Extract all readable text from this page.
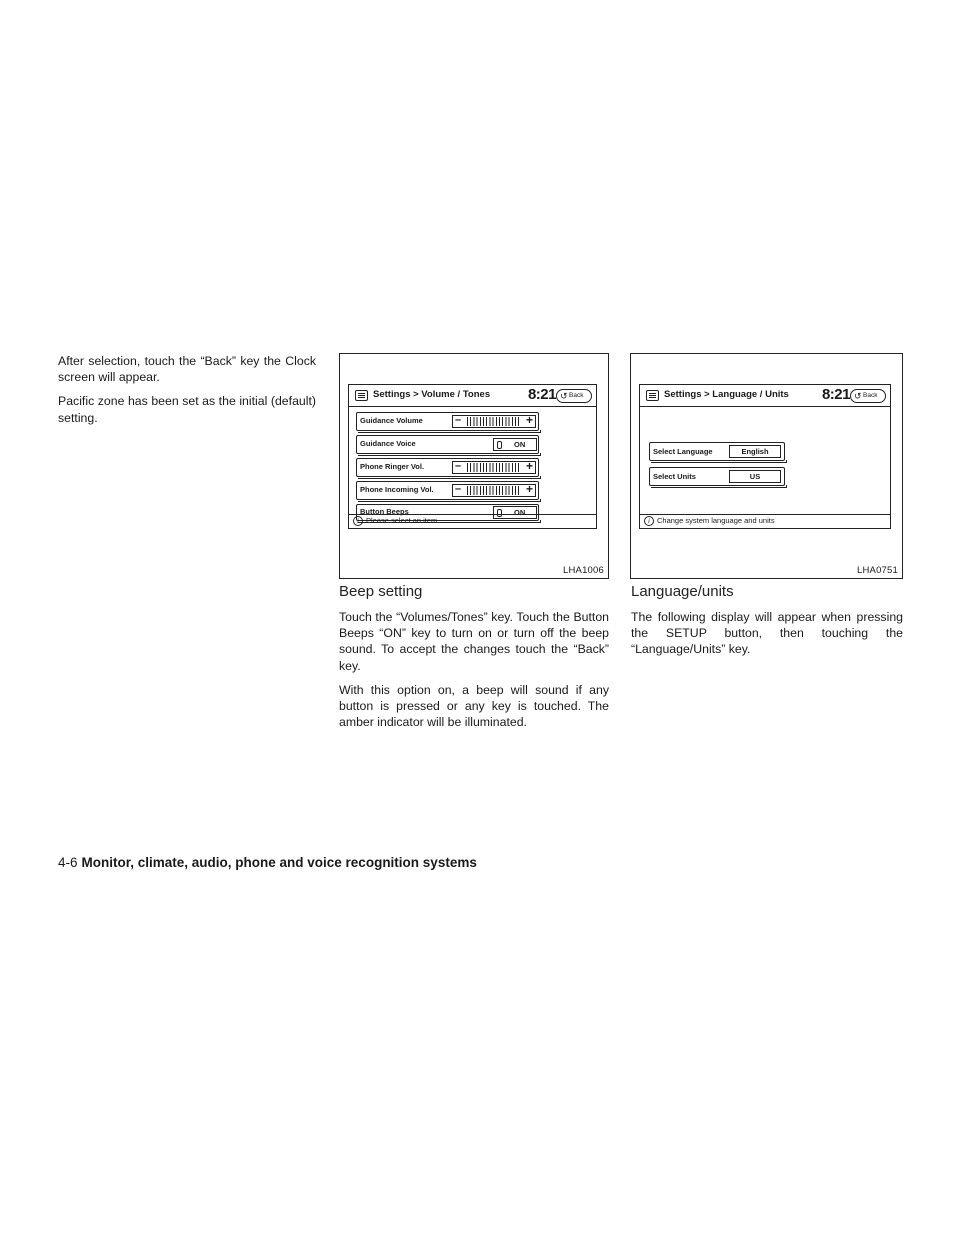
After selection, touch the “Back” key the Clock screen will appear.

Pacific zone has been set as the initial (default) setting.

Settings > Volume / Tones	8:21 ↺ Back
Guidance Volume	–	+
Guidance Voice	ON
Phone Ringer Vol.	–	+
Phone Incoming Vol. –	+
Button Beeps	ON
i Please select an item
LHA1006
Settings > Language / Units 8:21 ↺ Back
Select Language	English
Select Units	US
i Change system language and units
LHA0751
Beep setting

Touch the “Volumes/Tones” key. Touch the Button Beeps “ON” key to turn on or turn off the beep sound. To accept the changes touch the “Back” key.

With this option on, a beep will sound if any button is pressed or any key is touched. The amber indicator will be illuminated.

Language/units

The following display will appear when pressing the SETUP button, then touching the “Language/Units” key.

4-6 Monitor, climate, audio, phone and voice recognition systems
